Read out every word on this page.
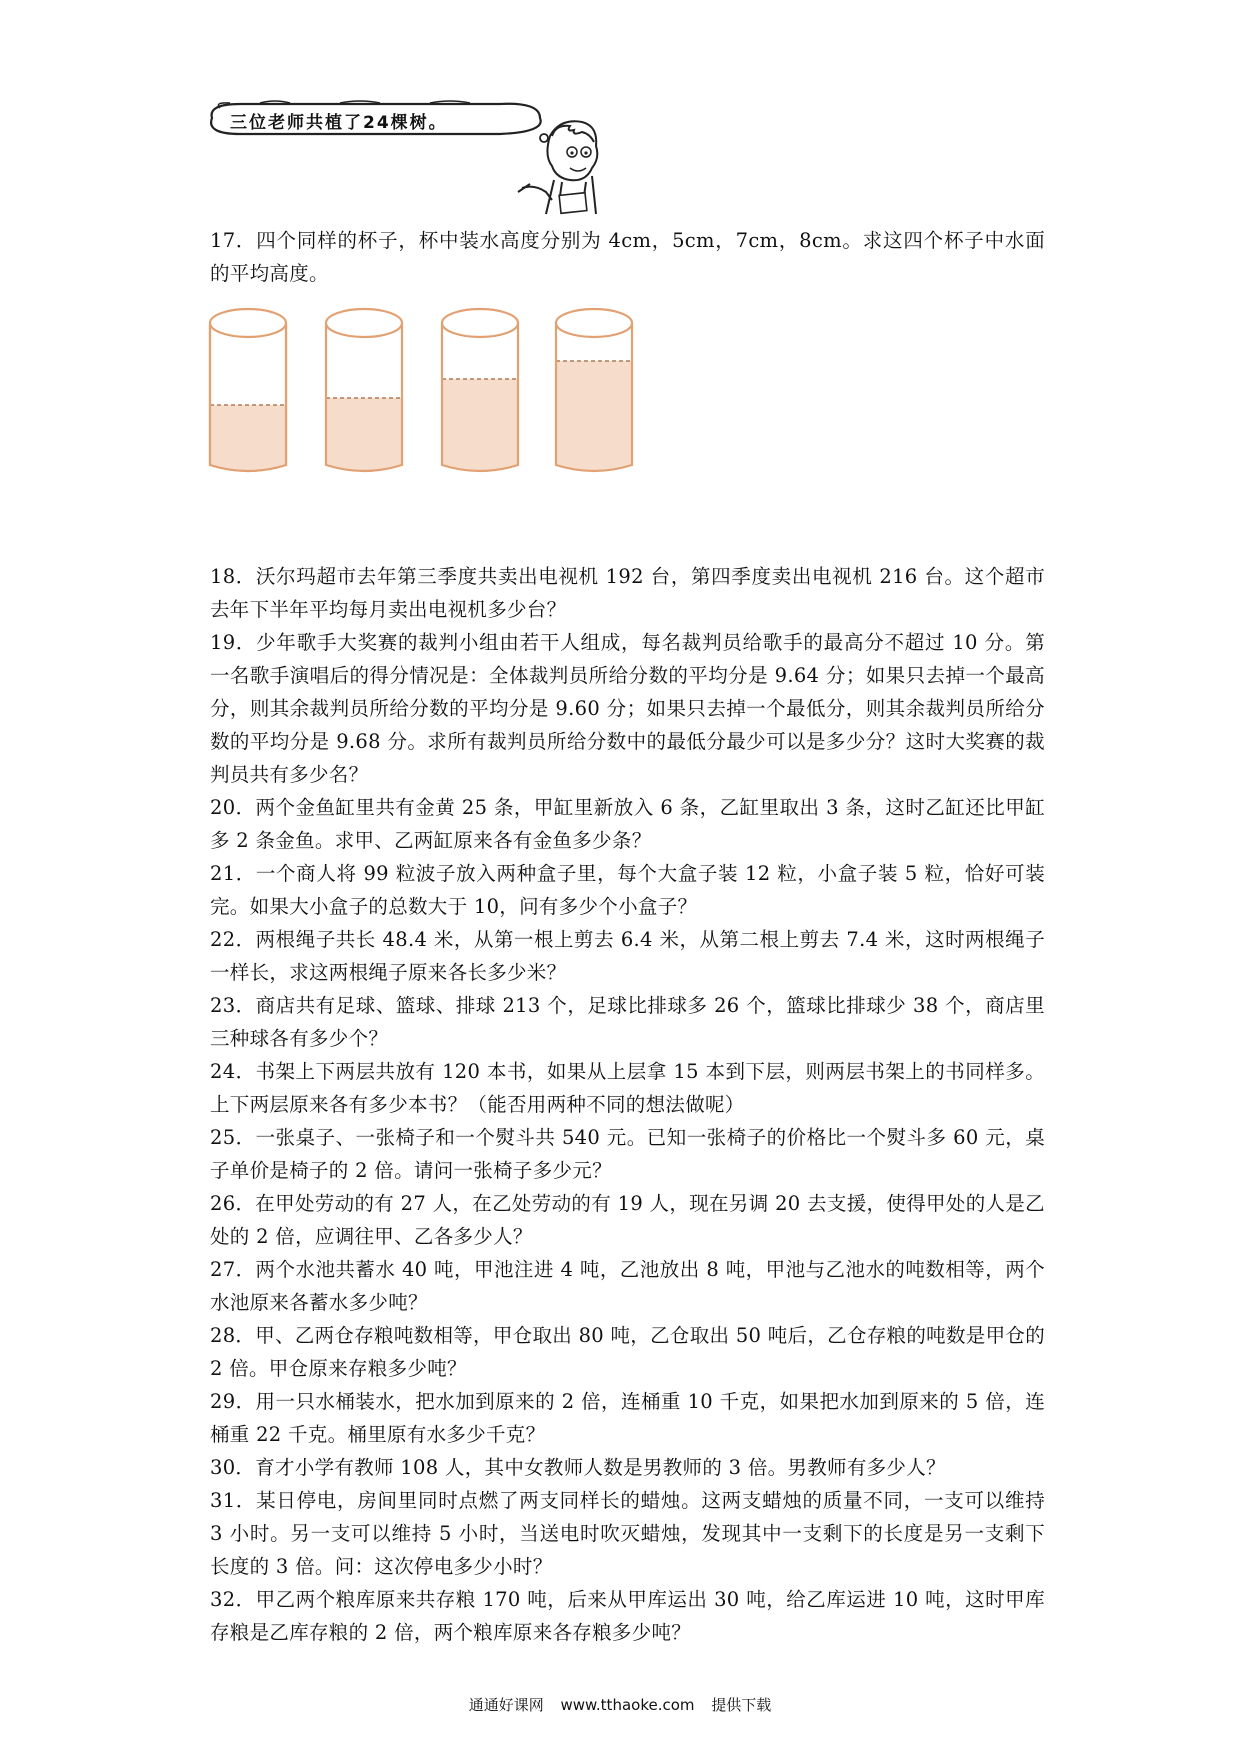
三位老师共植了24棵树。

17．四个同样的杯子，杯中装水高度分别为 4cm，5cm，7cm，8cm。求这四个杯子中水面的平均高度。

18．沃尔玛超市去年第三季度共卖出电视机 192 台，第四季度卖出电视机 216 台。这个超市去年下半年平均每月卖出电视机多少台？

19．少年歌手大奖赛的裁判小组由若干人组成，每名裁判员给歌手的最高分不超过 10 分。第一名歌手演唱后的得分情况是：全体裁判员所给分数的平均分是 9.64 分；如果只去掉一个最高分，则其余裁判员所给分数的平均分是 9.60 分；如果只去掉一个最低分，则其余裁判员所给分数的平均分是 9.68 分。求所有裁判员所给分数中的最低分最少可以是多少分？这时大奖赛的裁判员共有多少名？

20．两个金鱼缸里共有金黄 25 条，甲缸里新放入 6 条，乙缸里取出 3 条，这时乙缸还比甲缸多 2 条金鱼。求甲、乙两缸原来各有金鱼多少条？

21．一个商人将 99 粒波子放入两种盒子里，每个大盒子装 12 粒，小盒子装 5 粒，恰好可装完。如果大小盒子的总数大于 10，问有多少个小盒子？

22．两根绳子共长 48.4 米，从第一根上剪去 6.4 米，从第二根上剪去 7.4 米，这时两根绳子一样长，求这两根绳子原来各长多少米？

23．商店共有足球、篮球、排球 213 个，足球比排球多 26 个，篮球比排球少 38 个，商店里三种球各有多少个？

24．书架上下两层共放有 120 本书，如果从上层拿 15 本到下层，则两层书架上的书同样多。上下两层原来各有多少本书？（能否用两种不同的想法做呢）

25．一张桌子、一张椅子和一个熨斗共 540 元。已知一张椅子的价格比一个熨斗多 60 元，桌子单价是椅子的 2 倍。请问一张椅子多少元？

26．在甲处劳动的有 27 人，在乙处劳动的有 19 人，现在另调 20 去支援，使得甲处的人是乙处的 2 倍，应调往甲、乙各多少人？

27．两个水池共蓄水 40 吨，甲池注进 4 吨，乙池放出 8 吨，甲池与乙池水的吨数相等，两个水池原来各蓄水多少吨？

28．甲、乙两仓存粮吨数相等，甲仓取出 80 吨，乙仓取出 50 吨后，乙仓存粮的吨数是甲仓的 2 倍。甲仓原来存粮多少吨？

29．用一只水桶装水，把水加到原来的 2 倍，连桶重 10 千克，如果把水加到原来的 5 倍，连桶重 22 千克。桶里原有水多少千克？

30．育才小学有教师 108 人，其中女教师人数是男教师的 3 倍。男教师有多少人？

31．某日停电，房间里同时点燃了两支同样长的蜡烛。这两支蜡烛的质量不同，一支可以维持 3 小时。另一支可以维持 5 小时，当送电时吹灭蜡烛，发现其中一支剩下的长度是另一支剩下长度的 3 倍。问：这次停电多少小时？

32．甲乙两个粮库原来共存粮 170 吨，后来从甲库运出 30 吨，给乙库运进 10 吨，这时甲库存粮是乙库存粮的 2 倍，两个粮库原来各存粮多少吨？

通通好课网 www.tthaoke.com 提供下载
